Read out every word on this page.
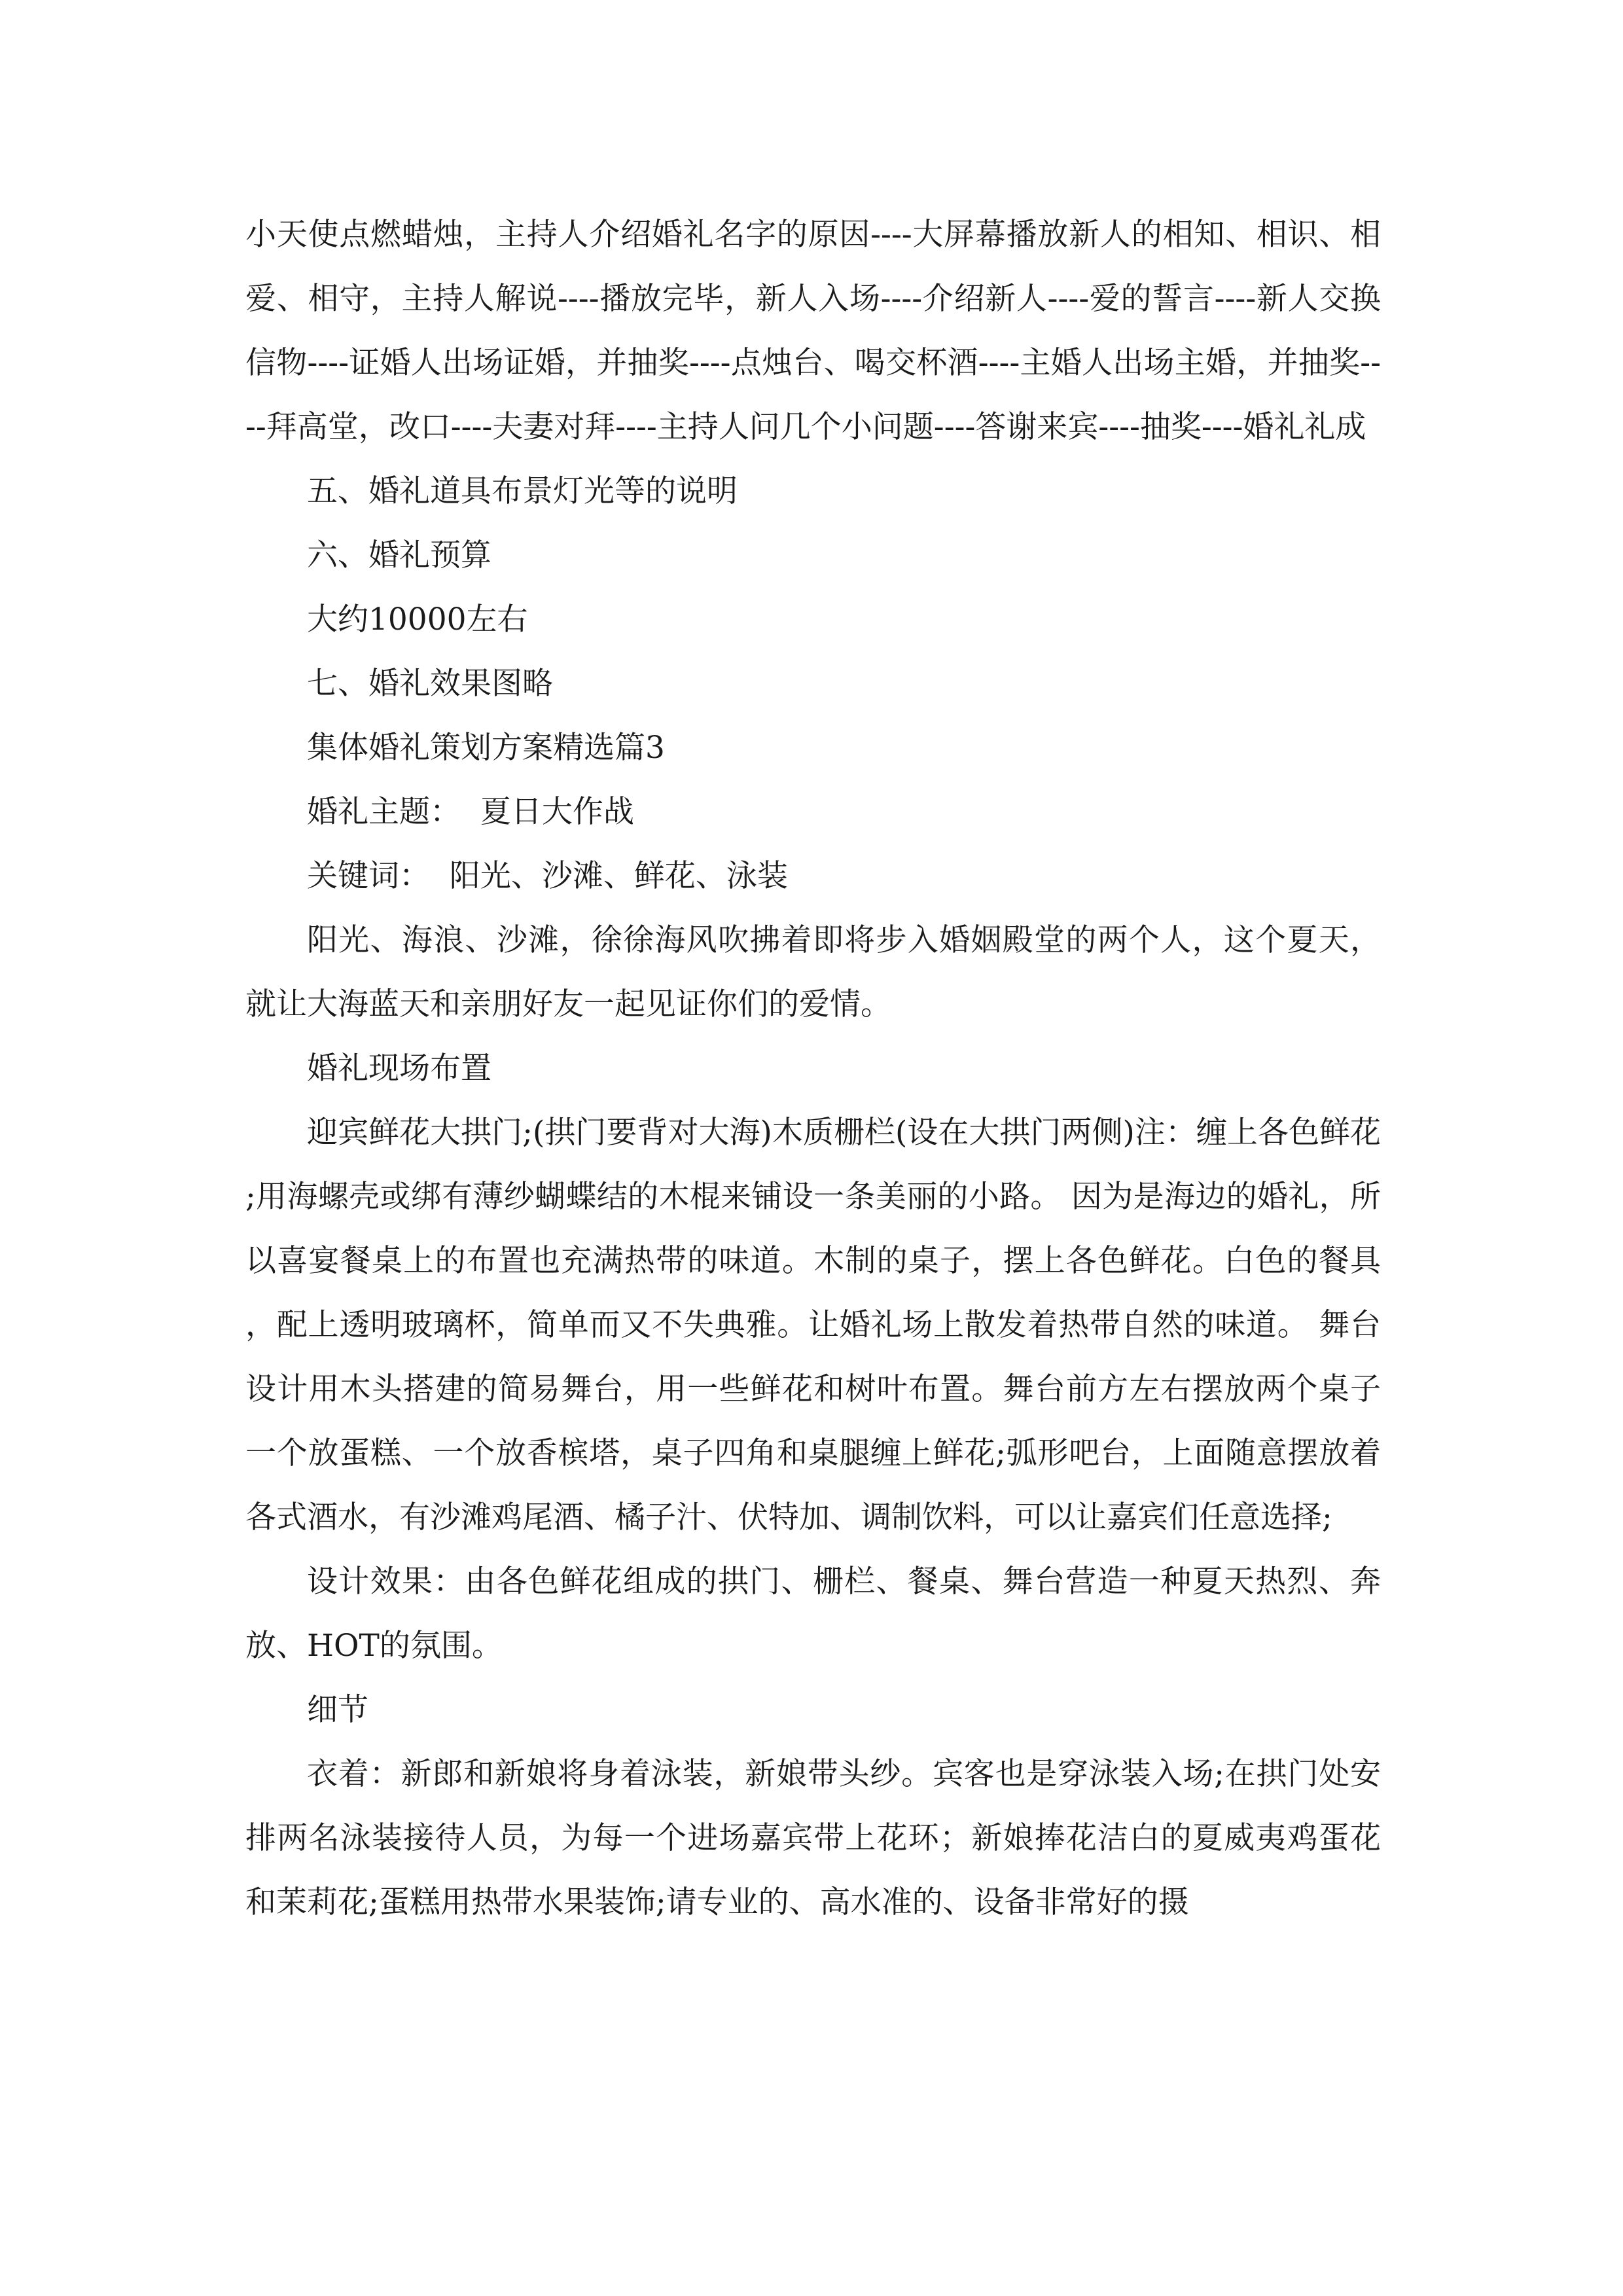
小天使点燃蜡烛，主持人介绍婚礼名字的原因----大屏幕播放新人的相知、相识、相爱、相守，主持人解说----播放完毕，新人入场----介绍新人----爱的誓言----新人交换信物----证婚人出场证婚，并抽奖----点烛台、喝交杯酒----主婚人出场主婚，并抽奖----拜高堂，改口----夫妻对拜----主持人问几个小问题----答谢来宾----抽奖----婚礼礼成

五、婚礼道具布景灯光等的说明

六、婚礼预算

大约10000左右

七、婚礼效果图略

集体婚礼策划方案精选篇3

婚礼主题：  夏日大作战

关键词：  阳光、沙滩、鲜花、泳装

阳光、海浪、沙滩，徐徐海风吹拂着即将步入婚姻殿堂的两个人，这个夏天，就让大海蓝天和亲朋好友一起见证你们的爱情。

婚礼现场布置

迎宾鲜花大拱门;(拱门要背对大海)木质栅栏(设在大拱门两侧)注：缠上各色鲜花;用海螺壳或绑有薄纱蝴蝶结的木棍来铺设一条美丽的小路。 因为是海边的婚礼，所以喜宴餐桌上的布置也充满热带的味道。木制的桌子，摆上各色鲜花。白色的餐具，配上透明玻璃杯，简单而又不失典雅。让婚礼场上散发着热带自然的味道。 舞台设计用木头搭建的简易舞台，用一些鲜花和树叶布置。舞台前方左右摆放两个桌子一个放蛋糕、一个放香槟塔，桌子四角和桌腿缠上鲜花;弧形吧台，上面随意摆放着各式酒水，有沙滩鸡尾酒、橘子汁、伏特加、调制饮料，可以让嘉宾们任意选择;

设计效果：由各色鲜花组成的拱门、栅栏、餐桌、舞台营造一种夏天热烈、奔放、HOT的氛围。

细节

衣着：新郎和新娘将身着泳装，新娘带头纱。宾客也是穿泳装入场;在拱门处安排两名泳装接待人员，为每一个进场嘉宾带上花环；新娘捧花洁白的夏威夷鸡蛋花和茉莉花;蛋糕用热带水果装饰;请专业的、高水准的、设备非常好的摄
